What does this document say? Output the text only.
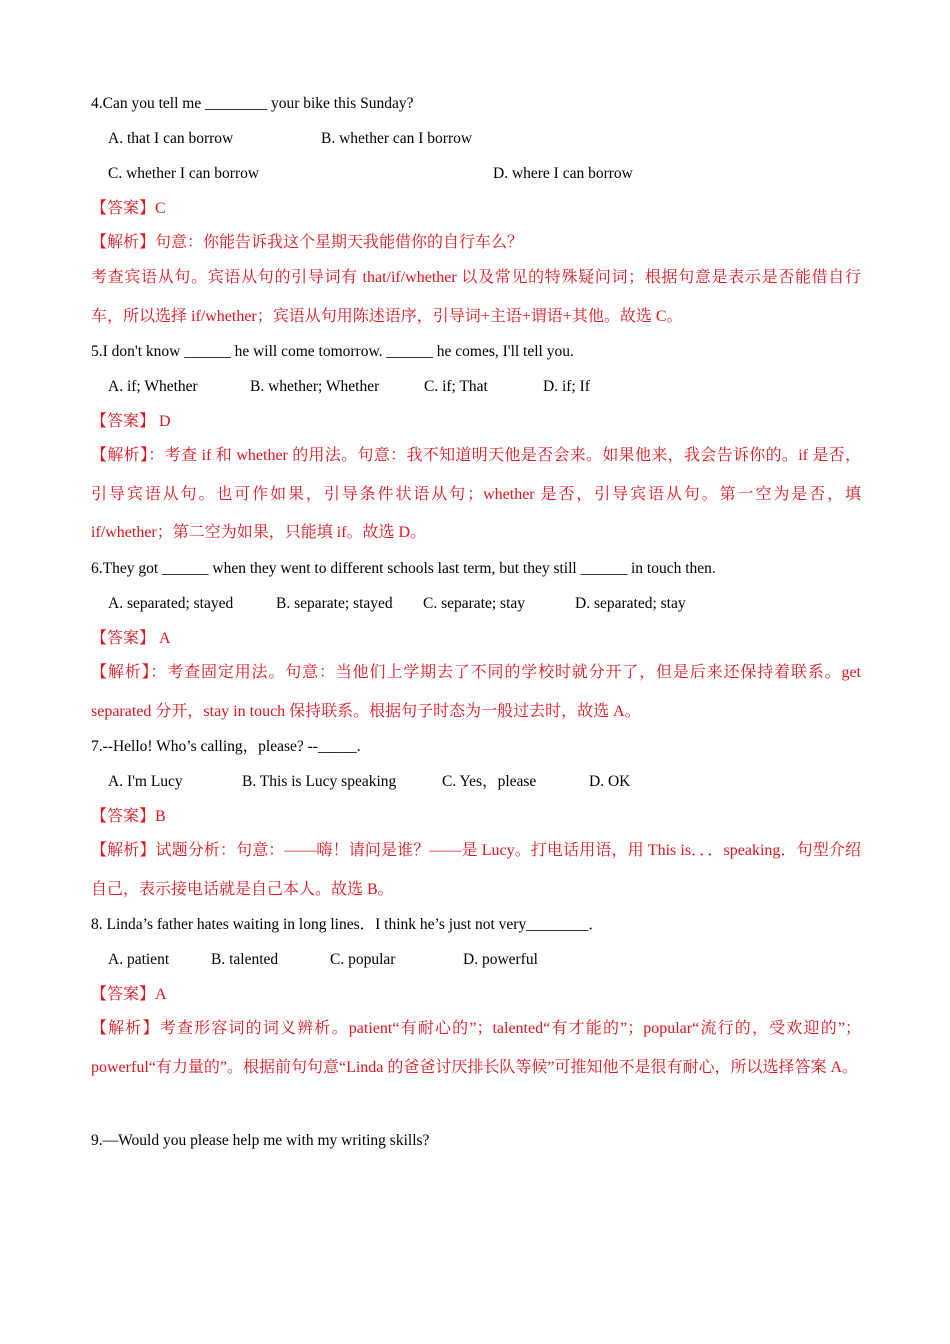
4.Can you tell me ________ your bike this Sunday?
A. that I can borrow	B. whether can I borrow
C. whether I can borrow	D. where I can borrow
【答案】C
【解析】句意：你能告诉我这个星期天我能借你的自行车么？
考查宾语从句。宾语从句的引导词有 that/if/whether 以及常见的特殊疑问词；根据句意是表示是否能借自行车，所以选择 if/whether；宾语从句用陈述语序，引导词+主语+谓语+其他。故选 C。
5.I don't know ______ he will come tomorrow. ______ he comes, I'll tell you.
A. if; Whether	B. whether; Whether	C. if; That	D. if; If
【答案】 D
【解析】：考查 if 和 whether 的用法。句意：我不知道明天他是否会来。如果他来，我会告诉你的。if 是否，引导宾语从句。也可作如果，引导条件状语从句；whether 是否，引导宾语从句。第一空为是否，填 if/whether；第二空为如果，只能填 if。故选 D。
6.They got ______ when they went to different schools last term, but they still ______ in touch then.
A. separated; stayed	B. separate; stayed C. separate; stay	D. separated; stay
【答案】 A
【解析】：考查固定用法。句意：当他们上学期去了不同的学校时就分开了，但是后来还保持着联系。get separated 分开，stay in touch 保持联系。根据句子时态为一般过去时，故选 A。
7.--Hello! Who’s calling，please? --_____.
A. I'm Lucy	B. This is Lucy speaking	C. Yes，please	D. OK
【答案】B
【解析】试题分析：句意：——嗨！请问是谁？——是 Lucy。打电话用语，用 This is．．．speaking．句型介绍自己，表示接电话就是自己本人。故选 B。
8. Linda’s father hates waiting in long lines．I think he’s just not very________．
A. patient	B. talented	C. popular	D. powerful
【答案】A
【解析】考查形容词的词义辨析。patient“有耐心的”；talented“有才能的”；popular“流行的，受欢迎的”；powerful“有力量的”。根据前句句意“Linda 的爸爸讨厌排长队等候”可推知他不是很有耐心，所以选择答案 A。
9.—Would you please help me with my writing skills?
